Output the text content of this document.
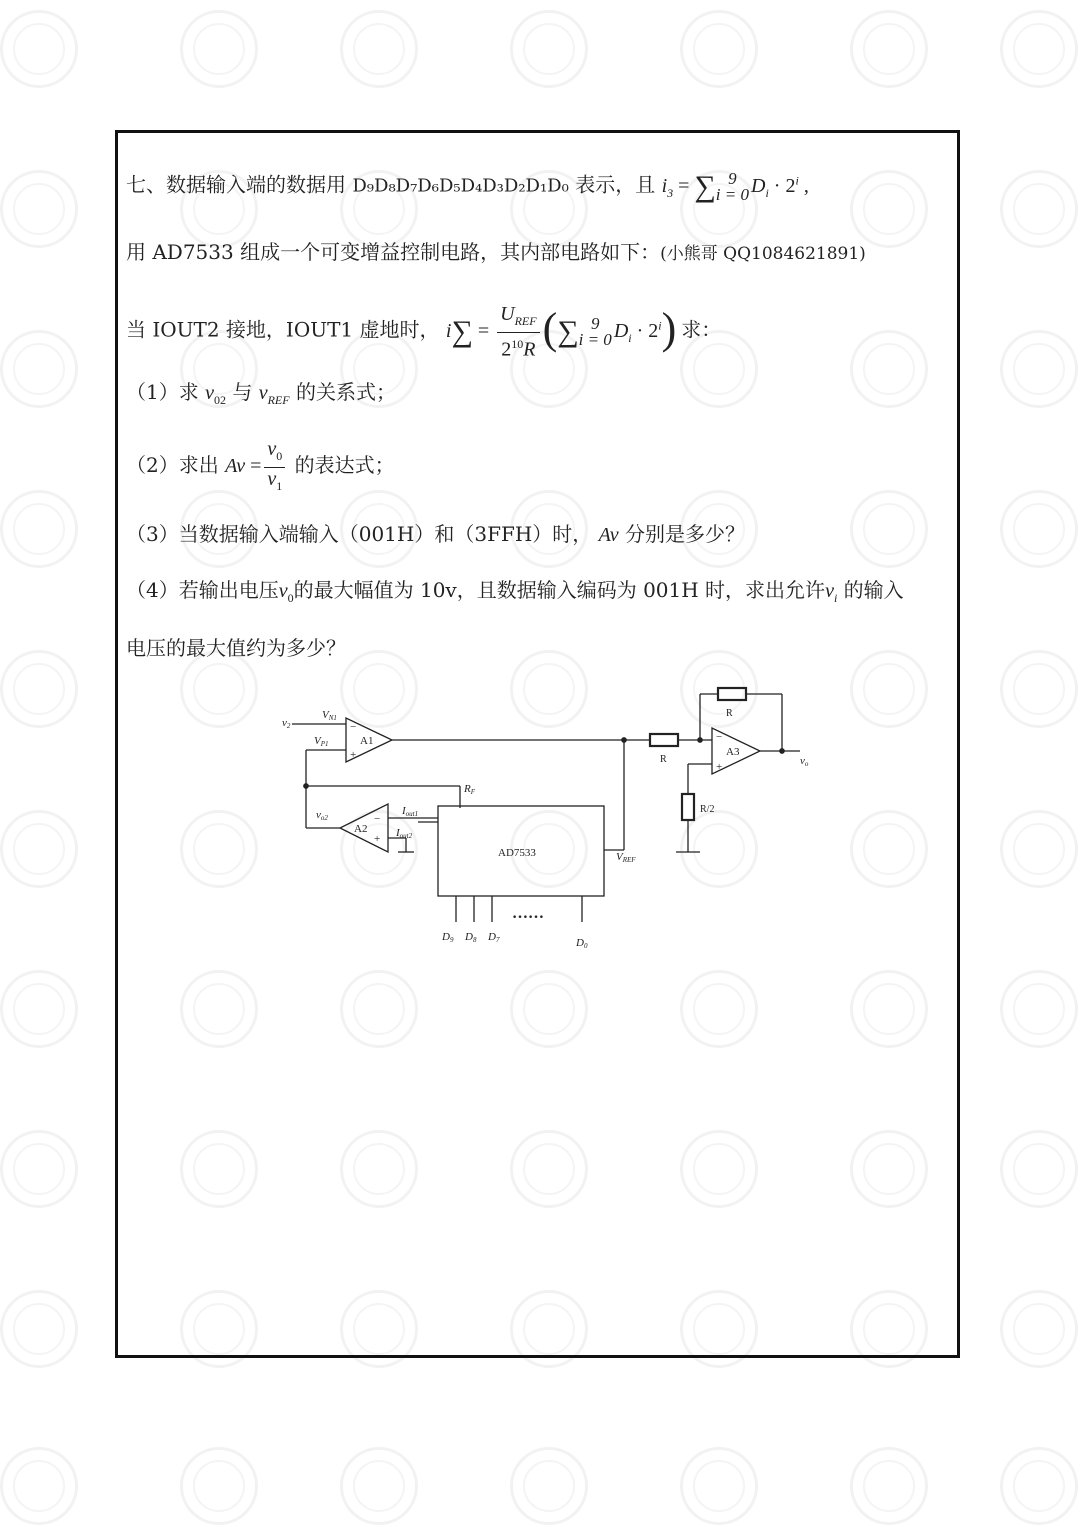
七、数据输入端的数据用 D₉D₈D₇D₆D₅D₄D₃D₂D₁D₀ 表示，且 $i_3$ = ∑ 9
i = 0 $D_i \cdot 2^i$ ,
用 AD7533 组成一个可变增益控制电路，其内部电路如下：(小熊哥 QQ1084621891)
当 IOUT2 接地，IOUT1 虚地时， $i\sum = \frac{U_{REF}}{2^{10}R}$ (∑ 9
i = 0 $D_i \cdot 2^i$) 求：
（1）求 $v_{02}$ 与 $v_{REF}$ 的关系式；
（2）求出 $Av = \frac{v_0}{v_1}$ 的表达式；
（3）当数据输入端输入（001H）和（3FFH）时， Av 分别是多少？
（4）若输出电压$v_0$的最大幅值为 10v，且数据输入编码为 001H 时，求出允许$v_i$ 的输入
电压的最大值约为多少？
v2
VN1
VP1
−
+
RF
vo2	−
+
Iout1
Iout2
VREF
−
+	vo
D9 D8 D7	D0
A1
A2
A3
AD7533
R
R
R/2
……
